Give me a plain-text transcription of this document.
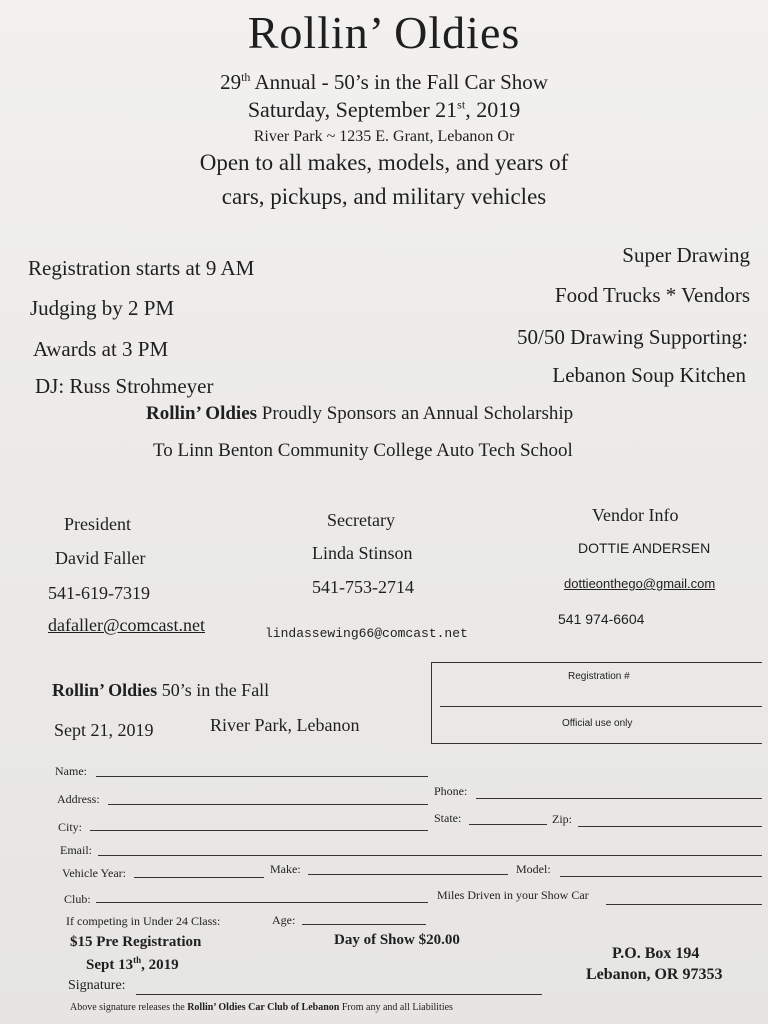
Rollin’ Oldies
29th Annual - 50’s in the Fall Car Show
Saturday, September 21st, 2019
River Park ~ 1235 E. Grant, Lebanon Or
Open to all makes, models, and years of
cars, pickups, and military vehicles
Registration starts at 9 AM
Judging by 2 PM
Awards at 3 PM
DJ: Russ Strohmeyer
Super Drawing
Food Trucks * Vendors
50/50 Drawing Supporting:
Lebanon Soup Kitchen
Rollin’ Oldies Proudly Sponsors an Annual Scholarship
To Linn Benton Community College Auto Tech School
President
David Faller
541-619-7319
dafaller@comcast.net
Secretary
Linda Stinson
541-753-2714
lindassewing66@comcast.net
Vendor Info
DOTTIE ANDERSEN
dottieonthego@gmail.com
541 974-6604
Rollin’ Oldies 50’s in the Fall
Sept 21, 2019	River Park, Lebanon
Registration #
Official use only
Name:
Address:
Phone:
City:
State:	Zip:
Email:
Vehicle Year:	Make:	Model:
Club:	Miles Driven in your Show Car
If competing in Under 24 Class:	Age:
$15 Pre Registration
Sept 13th, 2019
Day of Show $20.00
P.O. Box 194
Lebanon, OR 97353
Signature:
Above signature releases the Rollin’ Oldies Car Club of Lebanon From any and all Liabilities
